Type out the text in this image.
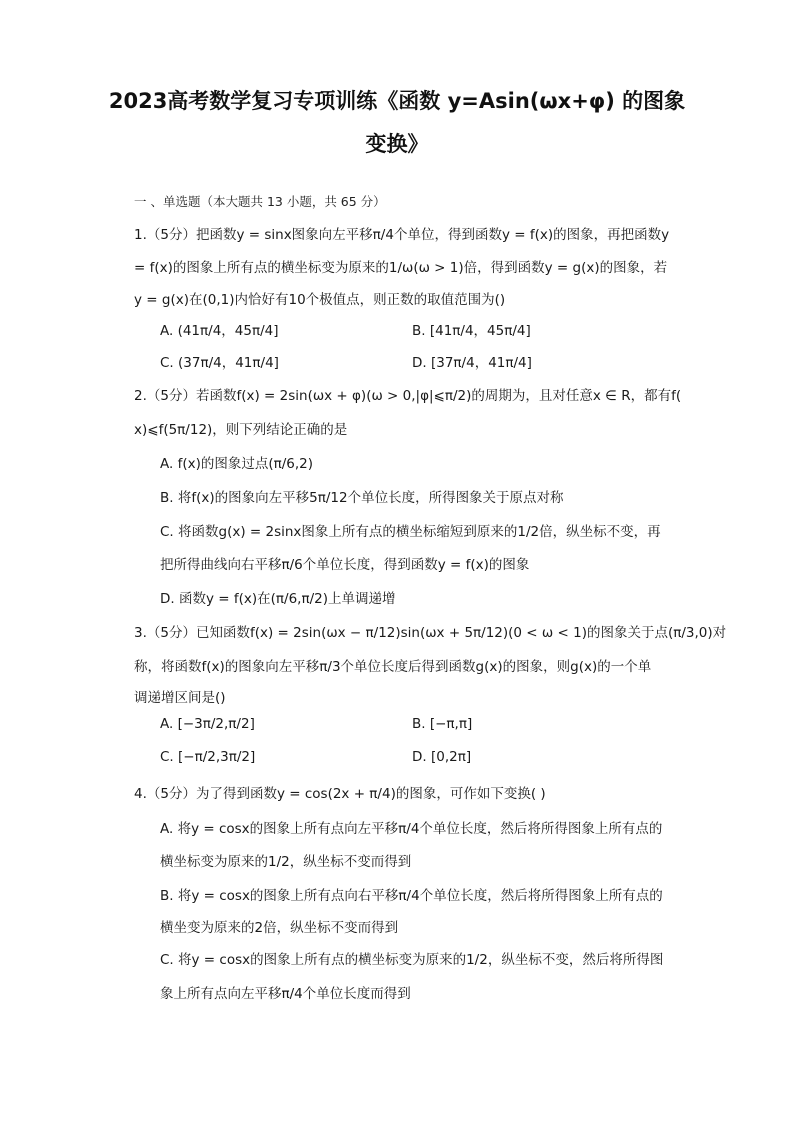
2023高考数学复习专项训练《函数 y=Asin(ωx+φ) 的图象
变换》
一 、单选题（本大题共 13 小题，共 65 分）
1.（5分）把函数y = sinx图象向左平移π/4个单位，得到函数y = f(x)的图象，再把函数y
= f(x)的图象上所有点的横坐标变为原来的1/ω(ω > 1)倍，得到函数y = g(x)的图象，若
y = g(x)在(0,1)内恰好有10个极值点，则正数的取值范围为()
A. (41π/4，45π/4]	B. [41π/4，45π/4]
C. (37π/4，41π/4]	D. [37π/4，41π/4]
2.（5分）若函数f(x) = 2sin(ωx + φ)(ω > 0,|φ|⩽π/2)的周期为，且对任意x ∈ R，都有f(
x)⩽f(5π/12)，则下列结论正确的是
A. f(x)的图象过点(π/6,2)
B. 将f(x)的图象向左平移5π/12个单位长度，所得图象关于原点对称
C. 将函数g(x) = 2sinx图象上所有点的横坐标缩短到原来的1/2倍，纵坐标不变，再
把所得曲线向右平移π/6个单位长度，得到函数y = f(x)的图象
D. 函数y = f(x)在(π/6,π/2)上单调递增
3.（5分）已知函数f(x) = 2sin(ωx − π/12)sin(ωx + 5π/12)(0 < ω < 1)的图象关于点(π/3,0)对
称，将函数f(x)的图象向左平移π/3个单位长度后得到函数g(x)的图象，则g(x)的一个单
调递增区间是()
A. [−3π/2,π/2]	B. [−π,π]
C. [−π/2,3π/2]	D. [0,2π]
4.（5分）为了得到函数y = cos(2x + π/4)的图象，可作如下变换( )
A. 将y = cosx的图象上所有点向左平移π/4个单位长度，然后将所得图象上所有点的
横坐标变为原来的1/2，纵坐标不变而得到
B. 将y = cosx的图象上所有点向右平移π/4个单位长度，然后将所得图象上所有点的
横坐变为原来的2倍，纵坐标不变而得到
C. 将y = cosx的图象上所有点的横坐标变为原来的1/2，纵坐标不变，然后将所得图
象上所有点向左平移π/4个单位长度而得到
